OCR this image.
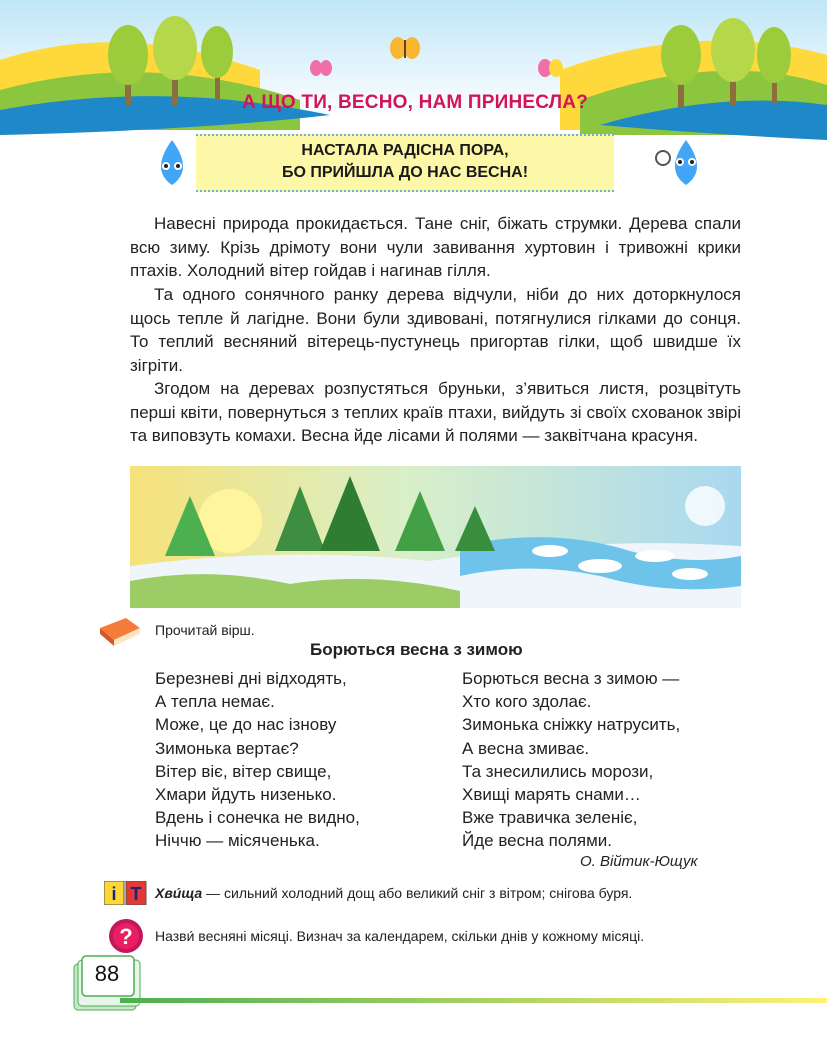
А ЩО ТИ, ВЕСНО, НАМ ПРИНЕСЛА?
НАСТАЛА РАДІСНА ПОРА,
БО ПРИЙШЛА ДО НАС ВЕСНА!

Навесні природа прокидається. Тане сніг, біжать струмки. Дерева спали всю зиму. Крізь дрімоту вони чули завивання хуртовин і тривожні крики птахів. Холодний вітер гойдав і нагинав гілля.

Та одного сонячного ранку дерева відчули, ніби до них доторкнулося щось тепле й лагідне. Вони були здивовані, потягнулися гілками до сонця. То теплий весняний вітерець-пустунець пригортав гілки, щоб швидше їх зігріти.

Згодом на деревах розпустяться бруньки, з’явиться листя, розцвітуть перші квіти, повернуться з теплих країв птахи, вийдуть зі своїх схованок звірі та виповзуть комахи. Весна йде лісами й полями — заквітчана красуня.

Прочитай вірш.
Борються весна з зимою
Березневі дні відходять,
А тепла немає.
Може, це до нас ізнову
Зимонька вертає?
Вітер віє, вітер свище,
Хмари йдуть низенько.
Вдень і сонечка не видно,
Ніччю — місяченька.
Борються весна з зимою —
Хто кого здолає.
Зимонька сніжку натрусить,
А весна змиває.
Та знесилились морози,
Хвищі марять снами…
Вже травичка зеленіє,
Йде весна полями.
О. Війтик-Ющук
i T Хвúща — сильний холодний дощ або великий сніг з вітром; снігова буря.
? Назви́ весняні місяці. Визнач за календарем, скільки днів у кожному місяці.
88
